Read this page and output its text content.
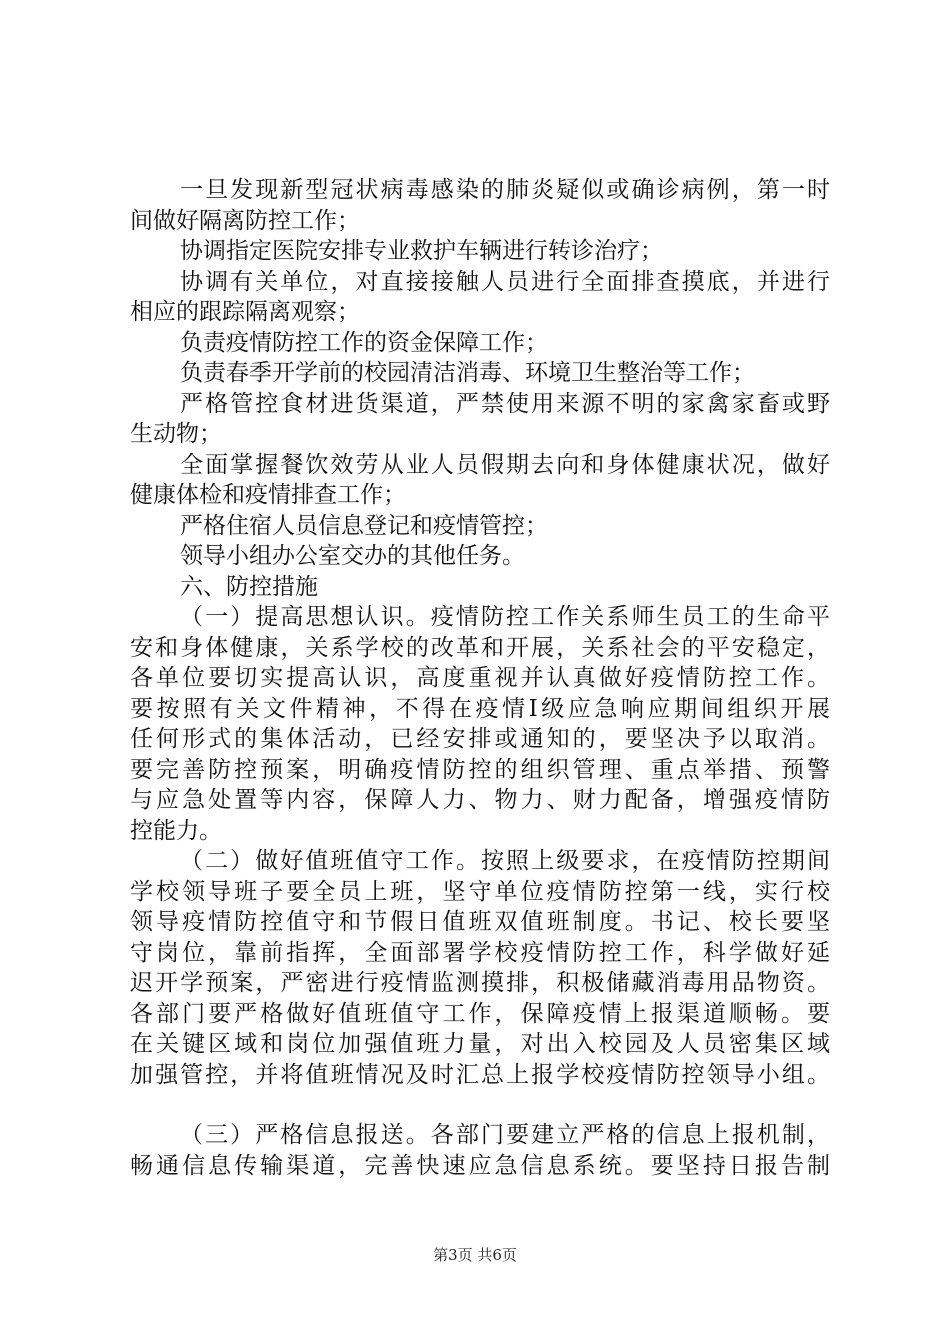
一旦发现新型冠状病毒感染的肺炎疑似或确诊病例，第一时
间做好隔离防控工作；
协调指定医院安排专业救护车辆进行转诊治疗；
协调有关单位，对直接接触人员进行全面排查摸底，并进行
相应的跟踪隔离观察；
负责疫情防控工作的资金保障工作；
负责春季开学前的校园清洁消毒、环境卫生整治等工作；
严格管控食材进货渠道，严禁使用来源不明的家禽家畜或野
生动物；
全面掌握餐饮效劳从业人员假期去向和身体健康状况，做好
健康体检和疫情排查工作；
严格住宿人员信息登记和疫情管控；
领导小组办公室交办的其他任务。
六、防控措施
（一）提高思想认识。疫情防控工作关系师生员工的生命平
安和身体健康，关系学校的改革和开展，关系社会的平安稳定，
各单位要切实提高认识，高度重视并认真做好疫情防控工作。
要按照有关文件精神，不得在疫情Ⅰ级应急响应期间组织开展
任何形式的集体活动，已经安排或通知的，要坚决予以取消。
要完善防控预案，明确疫情防控的组织管理、重点举措、预警
与应急处置等内容，保障人力、物力、财力配备，增强疫情防
控能力。
（二）做好值班值守工作。按照上级要求，在疫情防控期间
学校领导班子要全员上班，坚守单位疫情防控第一线，实行校
领导疫情防控值守和节假日值班双值班制度。书记、校长要坚
守岗位，靠前指挥，全面部署学校疫情防控工作，科学做好延
迟开学预案，严密进行疫情监测摸排，积极储藏消毒用品物资。
各部门要严格做好值班值守工作，保障疫情上报渠道顺畅。要
在关键区域和岗位加强值班力量，对出入校园及人员密集区域
加强管控，并将值班情况及时汇总上报学校疫情防控领导小组。
（三）严格信息报送。各部门要建立严格的信息上报机制，
畅通信息传输渠道，完善快速应急信息系统。要坚持日报告制
第3页 共6页
